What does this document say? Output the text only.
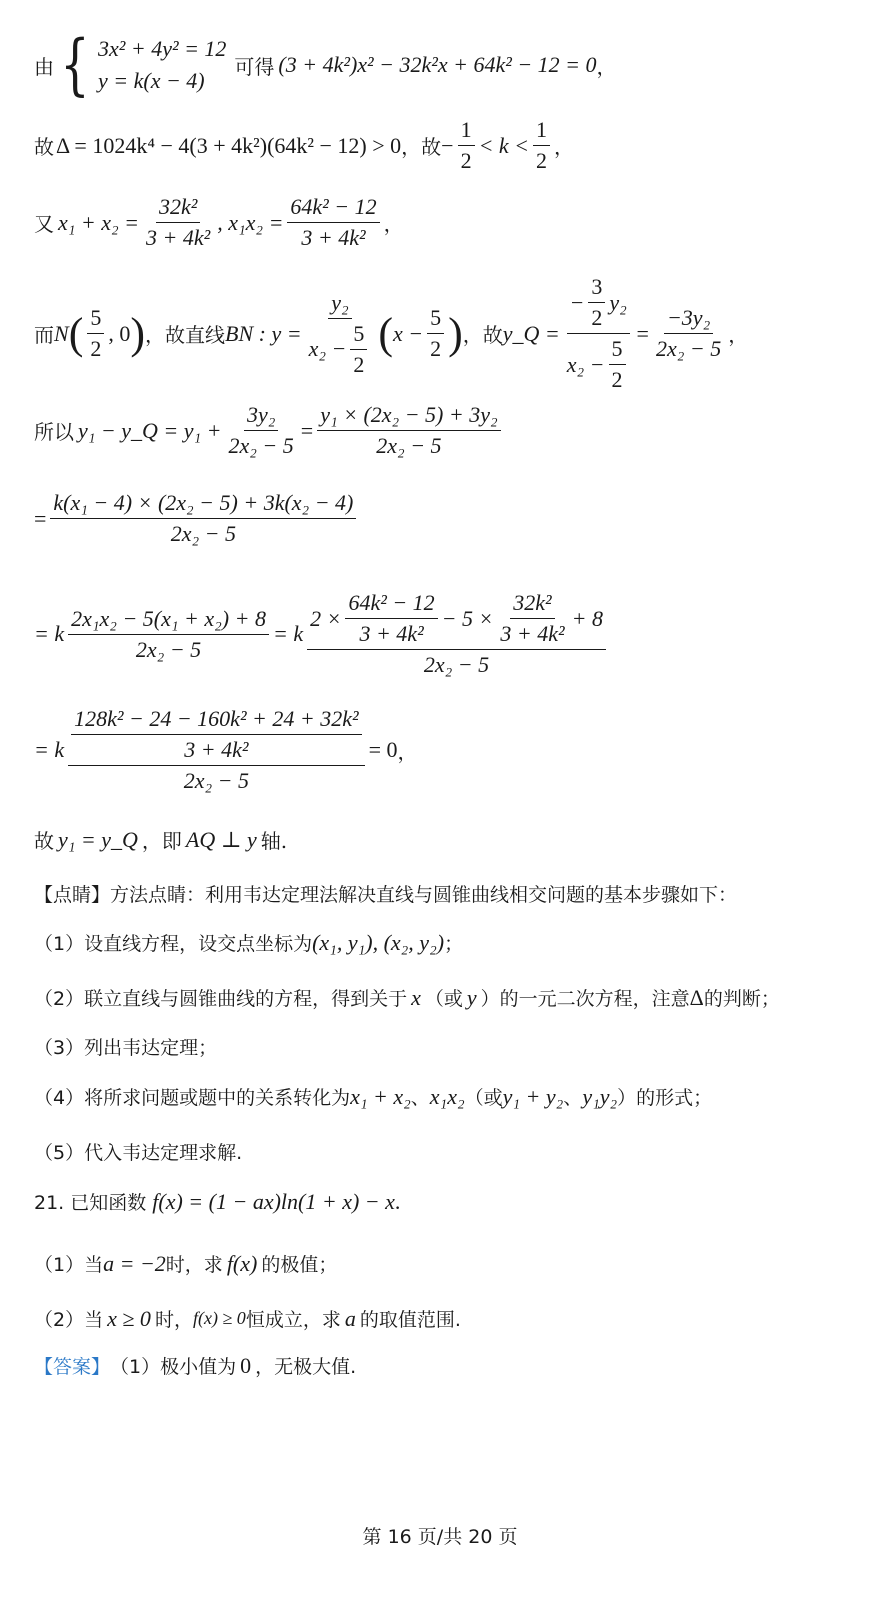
由 { 3x² + 4y² = 12
y = k(x − 4)
可得 (3 + 4k²)x² − 32k²x + 64k² − 12 = 0 ，
故 Δ = 1024k⁴ − 4(3 + 4k²)(64k² − 12) > 0 ，故 − $\frac{1}{2} < k < \frac{1}{2}$ ，
又 $x_1 + x_2 = \frac{\text{32k²}}{\text{3 + 4k²}}$ , $x_1x_2 = \frac{\text{64k² − 12}}{\text{3 + 4k²}}$ ，
而 N ( $\frac{5}{2}$ , 0 ) ，故直线 BN : $y = \frac{\text{y₂}}{x_2 - \frac{5}{2}}$ ( $x - \frac{5}{2}$ ) ，故 y_Q = $\frac{- \frac{3}{2} y_2}{x_2 - \frac{5}{2}} = \frac{\text{−3y₂}}{\text{2x₂ − 5}}$ ，
所以 y₁ − y_Q = $y_1 + \frac{\text{3y₂}}{\text{2x₂ − 5}} = \frac{\text{y₁ × (2x₂ − 5) + 3y₂}}{\text{2x₂ − 5}}$
= $\frac{\text{k(x₁ − 4) × (2x₂ − 5) + 3k(x₂ − 4)}}{\text{2x₂ − 5}}$
= k $\frac{\text{2x₁x₂ − 5(x₁ + x₂) + 8}}{\text{2x₂ − 5}} = k$
$2 \times \frac{\text{64k² − 12}}{\text{3 + 4k²}} - 5 \times \frac{\text{32k²}}{\text{3 + 4k²}} + 8$
2x₂ − 5
= k $\frac{\frac{\text{128k² − 24 − 160k² + 24 + 32k²}}{\text{3 + 4k²}}}{\text{2x₂ − 5}} = 0$ ，
故 y₁ = y_Q ，即 AQ ⊥ y 轴.
【点睛】方法点睛：利用韦达定理法解决直线与圆锥曲线相交问题的基本步骤如下：
（1）设直线方程，设交点坐标为 (x₁, y₁), (x₂, y₂) ；
（2）联立直线与圆锥曲线的方程，得到关于 x （或 y ）的一元二次方程，注意 Δ 的判断；
（3）列出韦达定理；
（4）将所求问题或题中的关系转化为 x₁ + x₂ 、 x₁x₂ （或 y₁ + y₂ 、 y₁y₂ ）的形式；
（5）代入韦达定理求解.
21. 已知函数 f(x) = (1 − ax)ln(1 + x) − x .
（1）当 a = −2 时，求 f(x) 的极值；
（2）当 x ≥ 0 时， f(x) ≥ 0 恒成立，求 a 的取值范围.
【答案】 （1）极小值为 0 ，无极大值.
第 16 页/共 20 页
